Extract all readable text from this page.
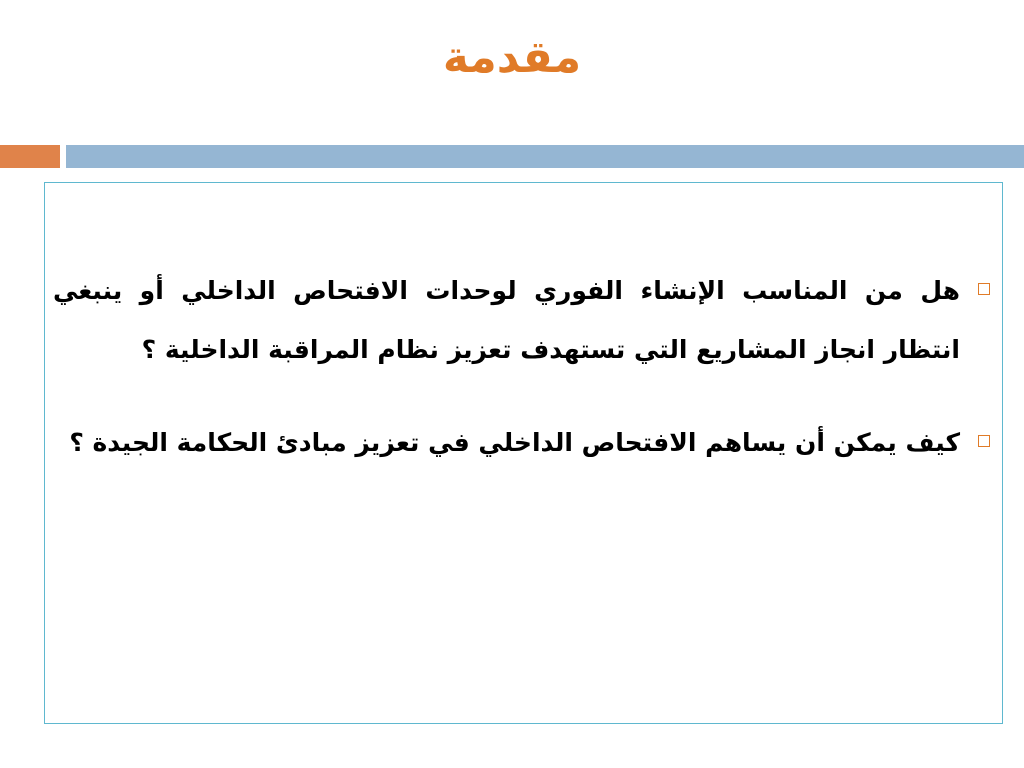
مقدمة
هل من المناسب الإنشاء الفوري لوحدات الافتحاص الداخلي أو ينبغي انتظار انجاز المشاريع التي تستهدف تعزيز نظام المراقبة الداخلية ؟
كيف يمكن أن يساهم الافتحاص الداخلي في تعزيز مبادئ الحكامة الجيدة ؟
